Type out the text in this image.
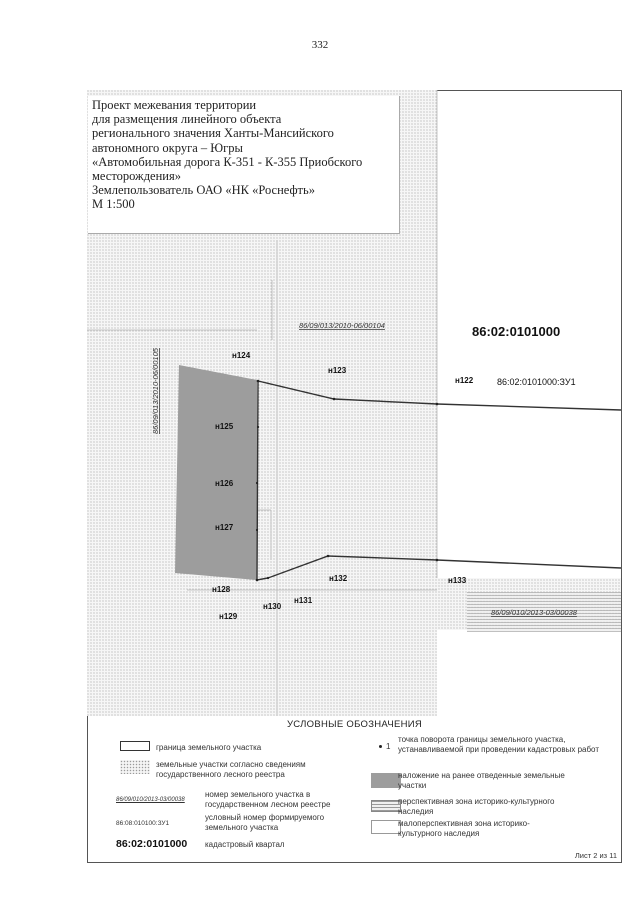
332
н122
н123
н124
н125
н126
н127
н128
н129
н130
н131
н132	н133
86:02:0101000
86:02:0101000:ЗУ1
86/09/013/2010-06/00104
86/09/013/2010-06/00105
86/09/010/2013-03/00038
Проект межевания территории
для размещения линейного объекта
регионального значения Ханты-Мансийского
автономного округа – Югры
«Автомобильная дорога К-351 - К-355 Приобского
месторождения»
Землепользователь ОАО «НК «Роснефть»
М 1:500
УСЛОВНЫЕ ОБОЗНАЧЕНИЯ
граница земельного участка
земельные участки согласно сведениям государственного лесного реестра
86/09/010/2013-03/00038
номер земельного участка в государственном лесном реестре
86:08:010100:ЗУ1
условный номер формируемого земельного участка
86:02:0101000 кадастровый квартал
1
точка поворота границы земельного участка, устанавливаемой при проведении кадастровых работ
наложение на ранее отведенные земельные участки
перспективная зона историко-культурного наследия
малоперспективная зона историко-культурного наследия
Лист 2 из 11
